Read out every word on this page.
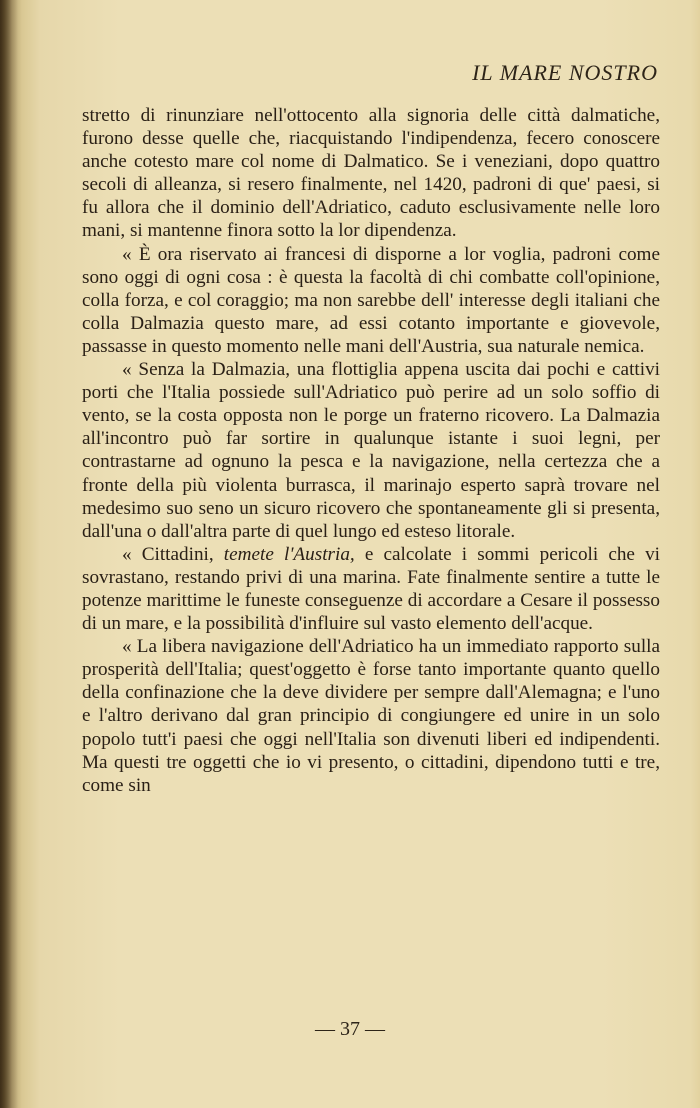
IL MARE NOSTRO

stretto di rinunziare nell'ottocento alla signoria delle città dalmatiche, furono desse quelle che, riacquistando l'indipendenza, fecero conoscere anche cotesto mare col nome di Dalmatico. Se i veneziani, dopo quattro secoli di alleanza, si resero finalmente, nel 1420, padroni di que' paesi, si fu allora che il dominio dell'Adriatico, caduto esclusivamente nelle loro mani, si mantenne finora sotto la lor dipendenza.

« È ora riservato ai francesi di disporne a lor voglia, padroni come sono oggi di ogni cosa : è questa la facoltà di chi combatte coll'opinione, colla forza, e col coraggio; ma non sarebbe dell' interesse degli italiani che colla Dalmazia questo mare, ad essi cotanto importante e giovevole, passasse in questo momento nelle mani dell'Austria, sua naturale nemica.

« Senza la Dalmazia, una flottiglia appena uscita dai pochi e cattivi porti che l'Italia possiede sull'Adriatico può perire ad un solo soffio di vento, se la costa opposta non le porge un fraterno ricovero. La Dalmazia all'incontro può far sortire in qualunque istante i suoi legni, per contrastarne ad ognuno la pesca e la navigazione, nella certezza che a fronte della più violenta burrasca, il marinajo esperto saprà trovare nel medesimo suo seno un sicuro ricovero che spontaneamente gli si presenta, dall'una o dall'altra parte di quel lungo ed esteso litorale.

« Cittadini, temete l'Austria, e calcolate i sommi pericoli che vi sovrastano, restando privi di una marina. Fate finalmente sentire a tutte le potenze marittime le funeste conseguenze di accordare a Cesare il possesso di un mare, e la possibilità d'influire sul vasto elemento dell'acque.

« La libera navigazione dell'Adriatico ha un immediato rapporto sulla prosperità dell'Italia; quest'oggetto è forse tanto importante quanto quello della confinazione che la deve dividere per sempre dall'Alemagna; e l'uno e l'altro derivano dal gran principio di congiungere ed unire in un solo popolo tutt'i paesi che oggi nell'Italia son divenuti liberi ed indipendenti. Ma questi tre oggetti che io vi presento, o cittadini, dipendono tutti e tre, come sin

— 37 —
